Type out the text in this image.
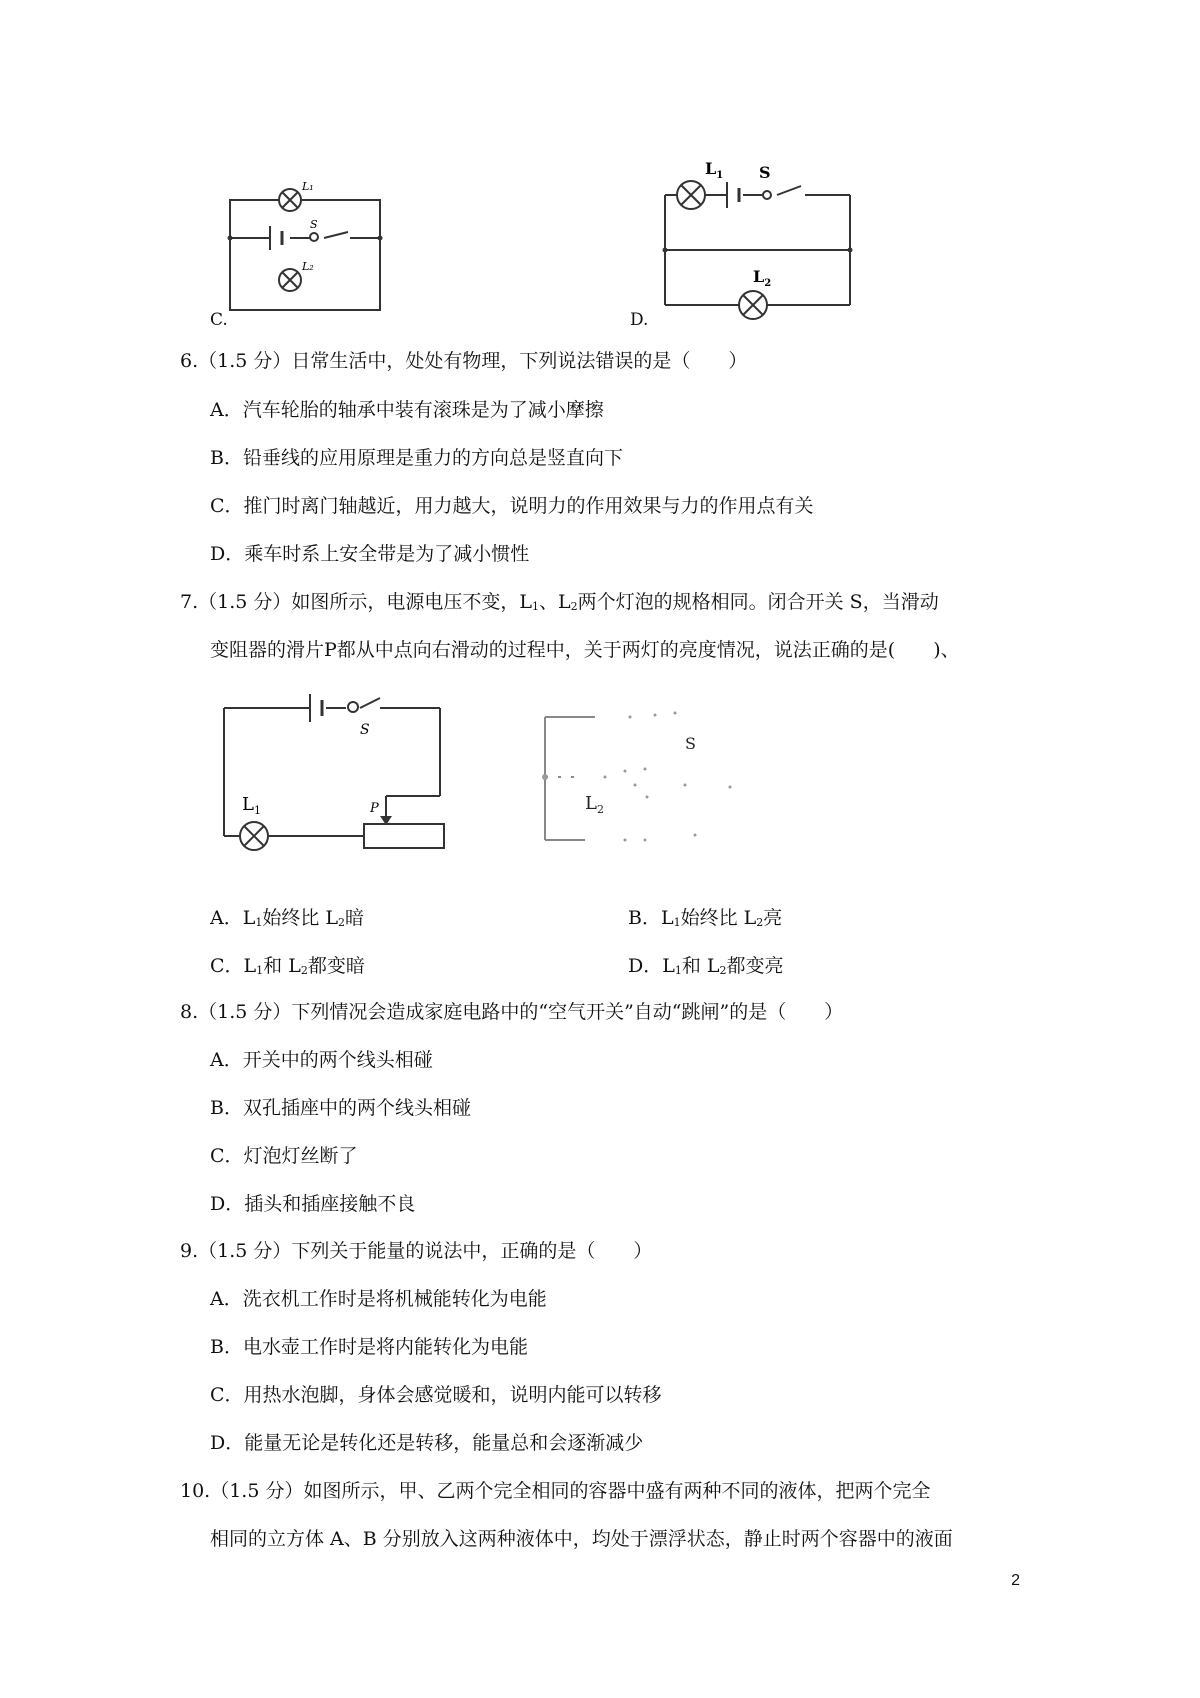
L₁
S
L₂
C.
$L_1$ S
$L_2$
D.
6.（1.5 分）日常生活中，处处有物理，下列说法错误的是（　　）
A．汽车轮胎的轴承中装有滚珠是为了减小摩擦
B．铅垂线的应用原理是重力的方向总是竖直向下
C．推门时离门轴越近，用力越大，说明力的作用效果与力的作用点有关
D．乘车时系上安全带是为了减小惯性
7.（1.5 分）如图所示，电源电压不变，$L_1$、$L_2$两个灯泡的规格相同。闭合开关 S，当滑动
变阻器的滑片P都从中点向右滑动的过程中，关于两灯的亮度情况，说法正确的是(　　)、
S
$L_1$	P
S
$L_2$
A．$L_1$始终比 $L_2$暗	B．$L_1$始终比 $L_2$亮
C．$L_1$和 $L_2$都变暗	D．$L_1$和 $L_2$都变亮
8.（1.5 分）下列情况会造成家庭电路中的“空气开关”自动“跳闸”的是（　　）
A．开关中的两个线头相碰
B．双孔插座中的两个线头相碰
C．灯泡灯丝断了
D．插头和插座接触不良
9.（1.5 分）下列关于能量的说法中，正确的是（　　）
A．洗衣机工作时是将机械能转化为电能
B．电水壶工作时是将内能转化为电能
C．用热水泡脚，身体会感觉暖和，说明内能可以转移
D．能量无论是转化还是转移，能量总和会逐渐减少
10.（1.5 分）如图所示，甲、乙两个完全相同的容器中盛有两种不同的液体，把两个完全
相同的立方体 A、B 分别放入这两种液体中，均处于漂浮状态，静止时两个容器中的液面
2
